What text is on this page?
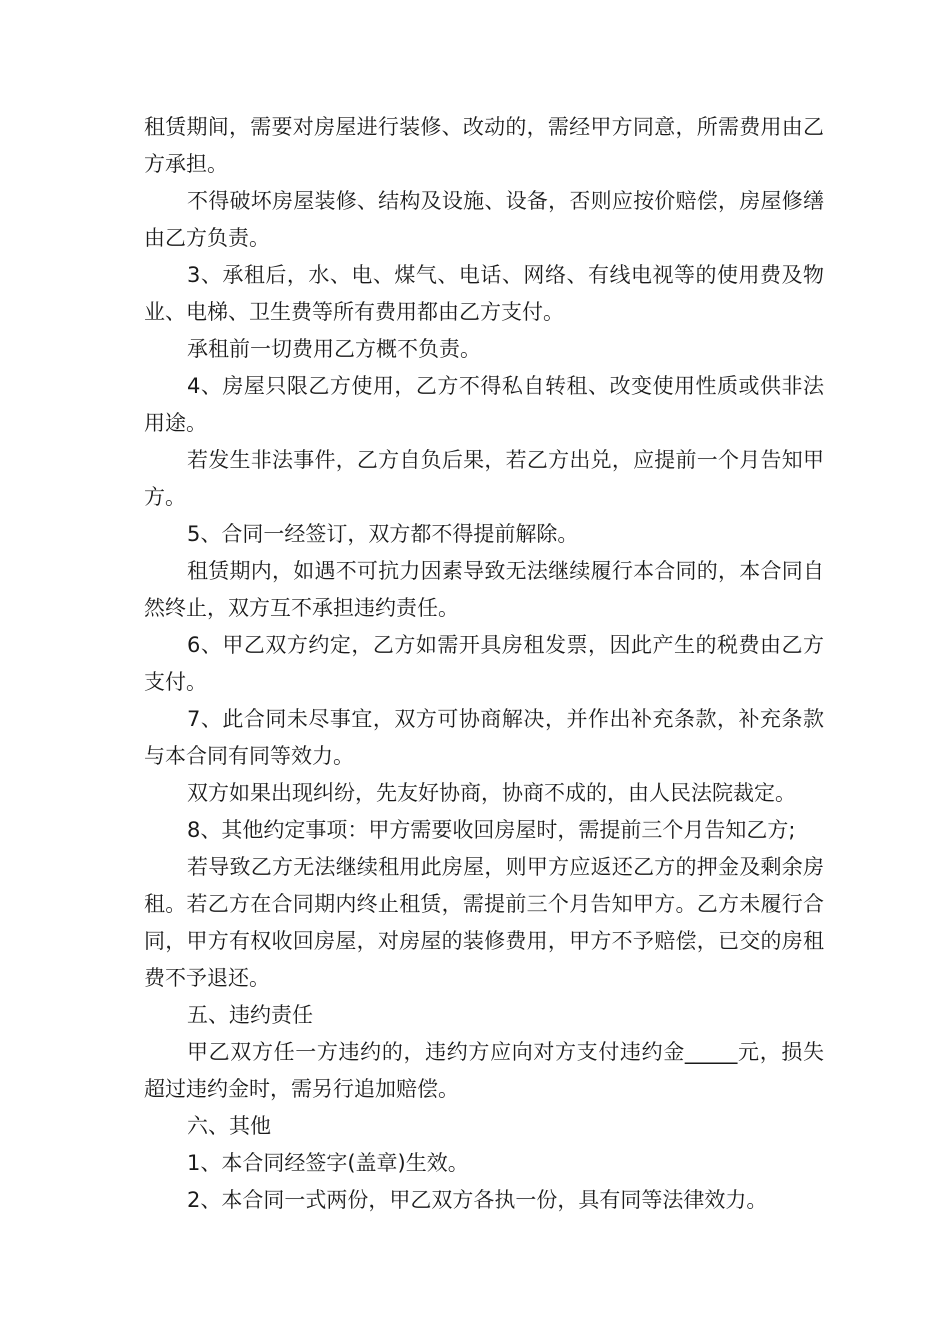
租赁期间，需要对房屋进行装修、改动的，需经甲方同意，所需费用由乙方承担。

不得破坏房屋装修、结构及设施、设备，否则应按价赔偿，房屋修缮由乙方负责。

3、承租后，水、电、煤气、电话、网络、有线电视等的使用费及物业、电梯、卫生费等所有费用都由乙方支付。

承租前一切费用乙方概不负责。

4、房屋只限乙方使用，乙方不得私自转租、改变使用性质或供非法用途。

若发生非法事件，乙方自负后果，若乙方出兑，应提前一个月告知甲方。

5、合同一经签订，双方都不得提前解除。

租赁期内，如遇不可抗力因素导致无法继续履行本合同的，本合同自然终止，双方互不承担违约责任。

6、甲乙双方约定，乙方如需开具房租发票，因此产生的税费由乙方支付。

7、此合同未尽事宜，双方可协商解决，并作出补充条款，补充条款与本合同有同等效力。

双方如果出现纠纷，先友好协商，协商不成的，由人民法院裁定。

8、其他约定事项：甲方需要收回房屋时，需提前三个月告知乙方;

若导致乙方无法继续租用此房屋，则甲方应返还乙方的押金及剩余房租。若乙方在合同期内终止租赁，需提前三个月告知甲方。乙方未履行合同，甲方有权收回房屋，对房屋的装修费用，甲方不予赔偿，已交的房租费不予退还。

五、违约责任

甲乙双方任一方违约的，违约方应向对方支付违约金_____元，损失超过违约金时，需另行追加赔偿。

六、其他

1、本合同经签字(盖章)生效。

2、本合同一式两份，甲乙双方各执一份，具有同等法律效力。
